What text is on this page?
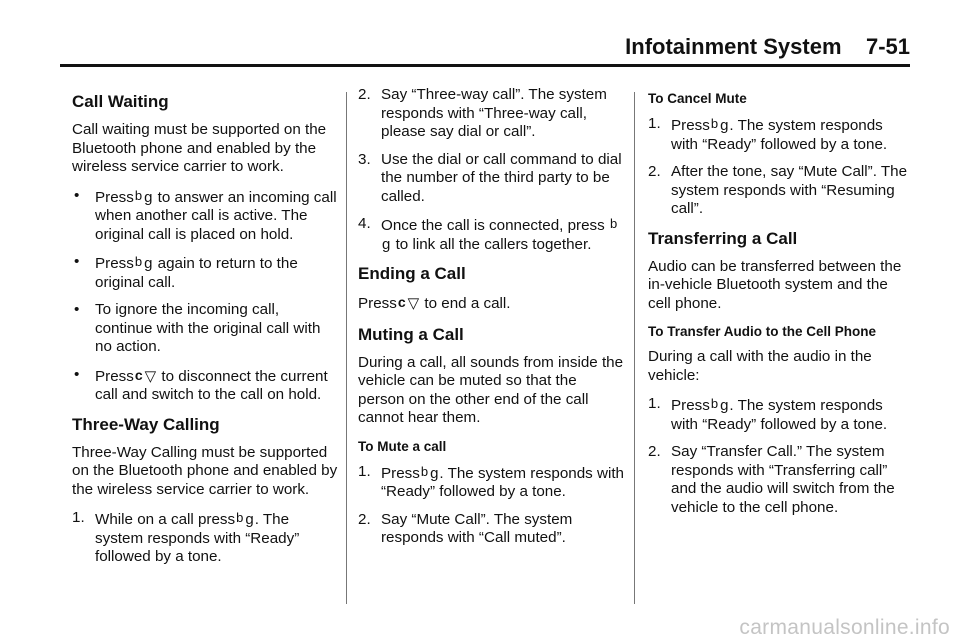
Infotainment System    7-51
Call Waiting

Call waiting must be supported on the Bluetooth phone and enabled by the wireless service carrier to work.

• Pressb g to answer an incoming call when another call is active. The original call is placed on hold.
• Pressb g again to return to the original call.
• To ignore the incoming call, continue with the original call with no action.
• Pressc ▽ to disconnect the current call and switch to the call on hold.
Three-Way Calling

Three-Way Calling must be supported on the Bluetooth phone and enabled by the wireless service carrier to work.

1. While on a call pressb g. The system responds with “Ready” followed by a tone.
2. Say “Three-way call”. The system responds with “Three-way call, please say dial or call”.
3. Use the dial or call command to dial the number of the third party to be called.
4. Once the call is connected, press bg to link all the callers together.
Ending a Call

Pressc ▽ to end a call.

Muting a Call

During a call, all sounds from inside the vehicle can be muted so that the person on the other end of the call cannot hear them.

To Mute a call
1. Pressb g. The system responds with “Ready” followed by a tone.
2. Say “Mute Call”. The system responds with “Call muted”.
To Cancel Mute
1. Pressb g. The system responds with “Ready” followed by a tone.
2. After the tone, say “Mute Call”. The system responds with “Resuming call”.
Transferring a Call

Audio can be transferred between the in-vehicle Bluetooth system and the cell phone.

To Transfer Audio to the Cell Phone

During a call with the audio in the vehicle:

1. Pressb g. The system responds with “Ready” followed by a tone.
2. Say “Transfer Call.” The system responds with “Transferring call” and the audio will switch from the vehicle to the cell phone.
carmanualsonline.info
